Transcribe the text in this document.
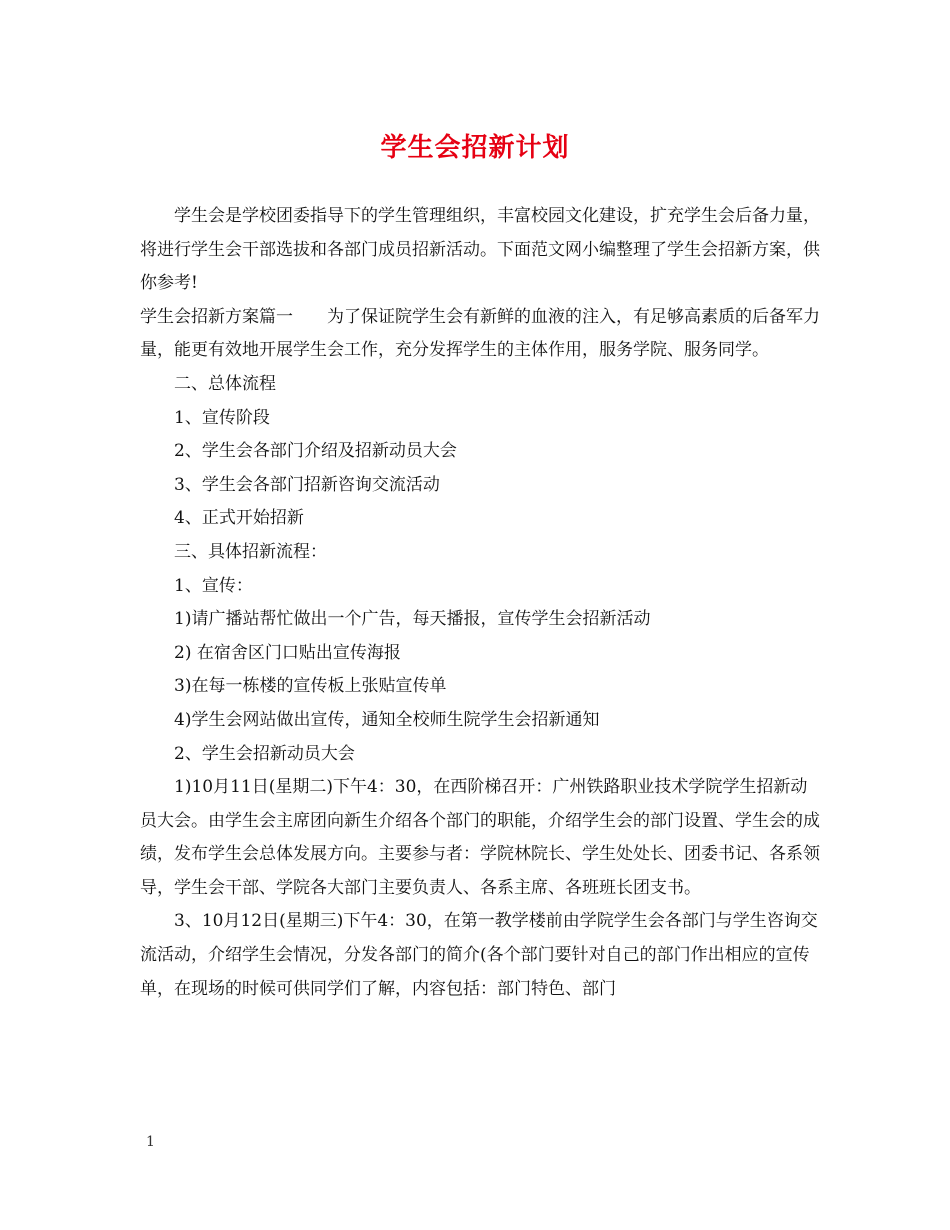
学生会招新计划

学生会是学校团委指导下的学生管理组织，丰富校园文化建设，扩充学生会后备力量，将进行学生会干部选拔和各部门成员招新活动。下面范文网小编整理了学生会招新方案，供你参考!

学生会招新方案篇一 为了保证院学生会有新鲜的血液的注入，有足够高素质的后备军力量，能更有效地开展学生会工作，充分发挥学生的主体作用，服务学院、服务同学。

二、总体流程

1、宣传阶段

2、学生会各部门介绍及招新动员大会

3、学生会各部门招新咨询交流活动

4、正式开始招新

三、具体招新流程：

1、宣传：

1)请广播站帮忙做出一个广告，每天播报，宣传学生会招新活动

2) 在宿舍区门口贴出宣传海报

3)在每一栋楼的宣传板上张贴宣传单

4)学生会网站做出宣传，通知全校师生院学生会招新通知

2、学生会招新动员大会

1)10月11日(星期二)下午4：30，在西阶梯召开：广州铁路职业技术学院学生招新动员大会。由学生会主席团向新生介绍各个部门的职能，介绍学生会的部门设置、学生会的成绩，发布学生会总体发展方向。主要参与者：学院林院长、学生处处长、团委书记、各系领导，学生会干部、学院各大部门主要负责人、各系主席、各班班长团支书。

3、10月12日(星期三)下午4：30，在第一教学楼前由学院学生会各部门与学生咨询交流活动，介绍学生会情况，分发各部门的简介(各个部门要针对自己的部门作出相应的宣传单，在现场的时候可供同学们了解，内容包括：部门特色、部门

1
